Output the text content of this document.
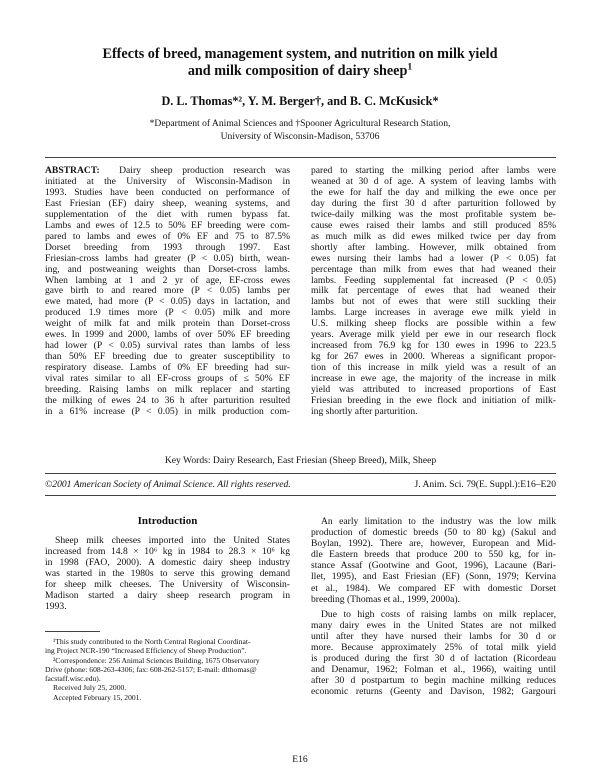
Effects of breed, management system, and nutrition on milk yield
and milk composition of dairy sheep$^1$
D. L. Thomas*², Y. M. Berger†, and B. C. McKusick*
*Department of Animal Sciences and †Spooner Agricultural Research Station,
University of Wisconsin-Madison, 53706
ABSTRACT: Dairy sheep production research was
initiated at the University of Wisconsin-Madison in
1993. Studies have been conducted on performance of
East Friesian (EF) dairy sheep, weaning systems, and
supplementation of the diet with rumen bypass fat.
Lambs and ewes of 12.5 to 50% EF breeding were com-
pared to lambs and ewes of 0% EF and 75 to 87.5%
Dorset breeding from 1993 through 1997. East
Friesian-cross lambs had greater (P < 0.05) birth, wean-
ing, and postweaning weights than Dorset-cross lambs.
When lambing at 1 and 2 yr of age, EF-cross ewes
gave birth to and reared more (P < 0.05) lambs per
ewe mated, had more (P < 0.05) days in lactation, and
produced 1.9 times more (P < 0.05) milk and more
weight of milk fat and milk protein than Dorset-cross
ewes. In 1999 and 2000, lambs of over 50% EF breeding
had lower (P < 0.05) survival rates than lambs of less
than 50% EF breeding due to greater susceptibility to
respiratory disease. Lambs of 0% EF breeding had sur-
vival rates similar to all EF-cross groups of ≤ 50% EF
breeding. Raising lambs on milk replacer and starting
the milking of ewes 24 to 36 h after parturition resulted
in a 61% increase (P < 0.05) in milk production com-
pared to starting the milking period after lambs were
weaned at 30 d of age. A system of leaving lambs with
the ewe for half the day and milking the ewe once per
day during the first 30 d after parturition followed by
twice-daily milking was the most profitable system be-
cause ewes raised their lambs and still produced 85%
as much milk as did ewes milked twice per day from
shortly after lambing. However, milk obtained from
ewes nursing their lambs had a lower (P < 0.05) fat
percentage than milk from ewes that had weaned their
lambs. Feeding supplemental fat increased (P < 0.05)
milk fat percentage of ewes that had weaned their
lambs but not of ewes that were still suckling their
lambs. Large increases in average ewe milk yield in
U.S. milking sheep flocks are possible within a few
years. Average milk yield per ewe in our research flock
increased from 76.9 kg for 130 ewes in 1996 to 223.5
kg for 267 ewes in 2000. Whereas a significant propor-
tion of this increase in milk yield was a result of an
increase in ewe age, the majority of the increase in milk
yield was attributed to increased proportions of East
Friesian breeding in the ewe flock and initiation of milk-
ing shortly after parturition.
Key Words: Dairy Research, East Friesian (Sheep Breed), Milk, Sheep
©2001 American Society of Animal Science. All rights reserved.	J. Anim. Sci. 79(E. Suppl.):E16–E20
Introduction
Sheep milk cheeses imported into the United States
increased from 14.8 × 10⁶ kg in 1984 to 28.3 × 10⁶ kg
in 1998 (FAO, 2000). A domestic dairy sheep industry
was started in the 1980s to serve this growing demand
for sheep milk cheeses. The University of Wisconsin-
Madison started a dairy sheep research program in
1993.
¹This study contributed to the North Central Regional Coordinat-
ing Project NCR-190 “Increased Efficiency of Sheep Production”.
²Correspondence: 256 Animal Sciences Building, 1675 Observatory
Drive (phone: 608-263-4306; fax: 608-262-5157; E-mail: dlthomas@
facstaff.wisc.edu).
Received July 25, 2000.
Accepted February 15, 2001.
An early limitation to the industry was the low milk
production of domestic breeds (50 to 80 kg) (Sakul and
Boylan, 1992). There are, however, European and Mid-
dle Eastern breeds that produce 200 to 550 kg, for in-
stance Assaf (Gootwine and Goot, 1996), Lacaune (Bari-
llet, 1995), and East Friesian (EF) (Sonn, 1979; Kervina
et al., 1984). We compared EF with domestic Dorset
breeding (Thomas et al., 1999, 2000a).
Due to high costs of raising lambs on milk replacer,
many dairy ewes in the United States are not milked
until after they have nursed their lambs for 30 d or
more. Because approximately 25% of total milk yield
is produced during the first 30 d of lactation (Ricordeau
and Denamur, 1962; Folman et al., 1966), waiting until
after 30 d postpartum to begin machine milking reduces
economic returns (Geenty and Davison, 1982; Gargouri
E16
